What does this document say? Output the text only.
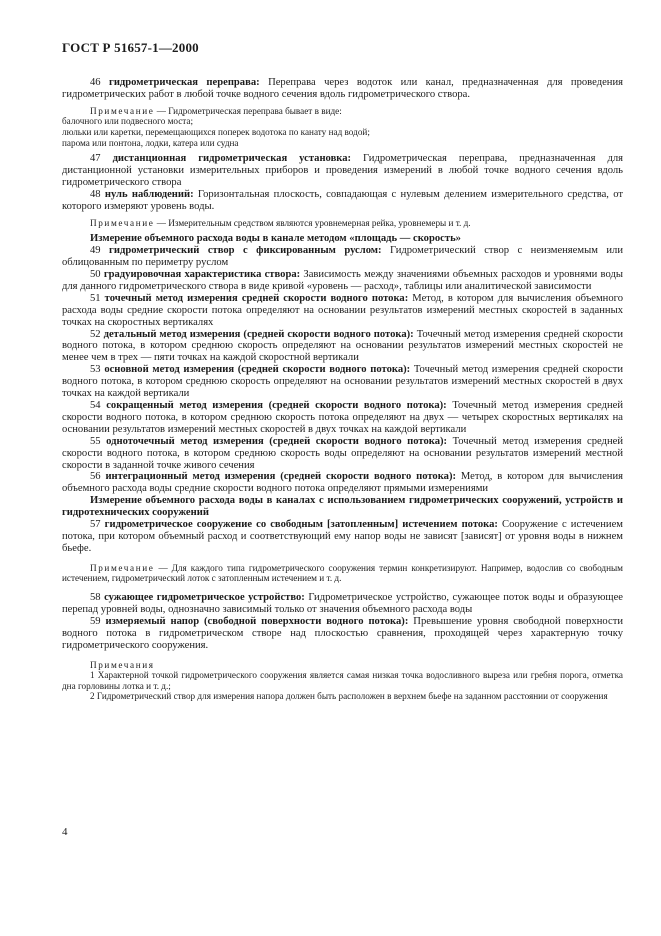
ГОСТ Р 51657-1—2000

46 гидрометрическая переправа: Переправа через водоток или канал, предназначенная для проведения гидрометрических работ в любой точке водного сечения вдоль гидрометрического створа.

Примечание — Гидрометрическая переправа бывает в виде:
балочного или подвесного моста;
люльки или каретки, перемещающихся поперек водотока по канату над водой;
парома или понтона, лодки, катера или судна

47 дистанционная гидрометрическая установка: Гидрометрическая переправа, предназначенная для дистанционной установки измерительных приборов и проведения измерений в любой точке водного сечения вдоль гидрометрического створа

48 нуль наблюдений: Горизонтальная плоскость, совпадающая с нулевым делением измерительного средства, от которого измеряют уровень воды.

Примечание — Измерительным средством являются уровнемерная рейка, уровнемеры и т. д.

Измерение объемного расхода воды в канале методом «площадь — скорость»

49 гидрометрический створ с фиксированным руслом: Гидрометрический створ с неизменяемым или облицованным по периметру руслом

50 градуировочная характеристика створа: Зависимость между значениями объемных расходов и уровнями воды для данного гидрометрического створа в виде кривой «уровень — расход», таблицы или аналитической зависимости

51 точечный метод измерения средней скорости водного потока: Метод, в котором для вычисления объемного расхода воды средние скорости потока определяют на основании результатов измерений местных скоростей в заданных точках на скоростных вертикалях

52 детальный метод измерения (средней скорости водного потока): Точечный метод измерения средней скорости водного потока, в котором среднюю скорость определяют на основании результатов измерений местных скоростей не менее чем в трех — пяти точках на каждой скоростной вертикали

53 основной метод измерения (средней скорости водного потока): Точечный метод измерения средней скорости водного потока, в котором среднюю скорость определяют на основании результатов измерений местных скоростей в двух точках на каждой вертикали

54 сокращенный метод измерения (средней скорости водного потока): Точечный метод измерения средней скорости водного потока, в котором среднюю скорость потока определяют на двух — четырех скоростных вертикалях на основании результатов измерений местных скоростей в двух точках на каждой вертикали

55 одноточечный метод измерения (средней скорости водного потока): Точечный метод измерения средней скорости водного потока, в котором среднюю скорость воды определяют на основании результатов измерений местной скорости в заданной точке живого сечения

56 интеграционный метод измерения (средней скорости водного потока): Метод, в котором для вычисления объемного расхода воды средние скорости водного потока определяют прямыми измерениями

Измерение объемного расхода воды в каналах с использованием гидрометрических сооружений, устройств и гидротехнических сооружений

57 гидрометрическое сооружение со свободным [затопленным] истечением потока: Сооружение с истечением потока, при котором объемный расход и соответствующий ему напор воды не зависят [зависят] от уровня воды в нижнем бьефе.

Примечание — Для каждого типа гидрометрического сооружения термин конкретизируют. Например, водослив со свободным истечением, гидрометрический лоток с затопленным истечением и т. д.

58 сужающее гидрометрическое устройство: Гидрометрическое устройство, сужающее поток воды и образующее перепад уровней воды, однозначно зависимый только от значения объемного расхода воды

59 измеряемый напор (свободной поверхности водного потока): Превышение уровня свободной поверхности водного потока в гидрометрическом створе над плоскостью сравнения, проходящей через характерную точку гидрометрического сооружения.

Примечания
1 Характерной точкой гидрометрического сооружения является самая низкая точка водосливного выреза или гребня порога, отметка дна горловины лотка и т. д.;
2 Гидрометрический створ для измерения напора должен быть расположен в верхнем бьефе на заданном расстоянии от сооружения
4
